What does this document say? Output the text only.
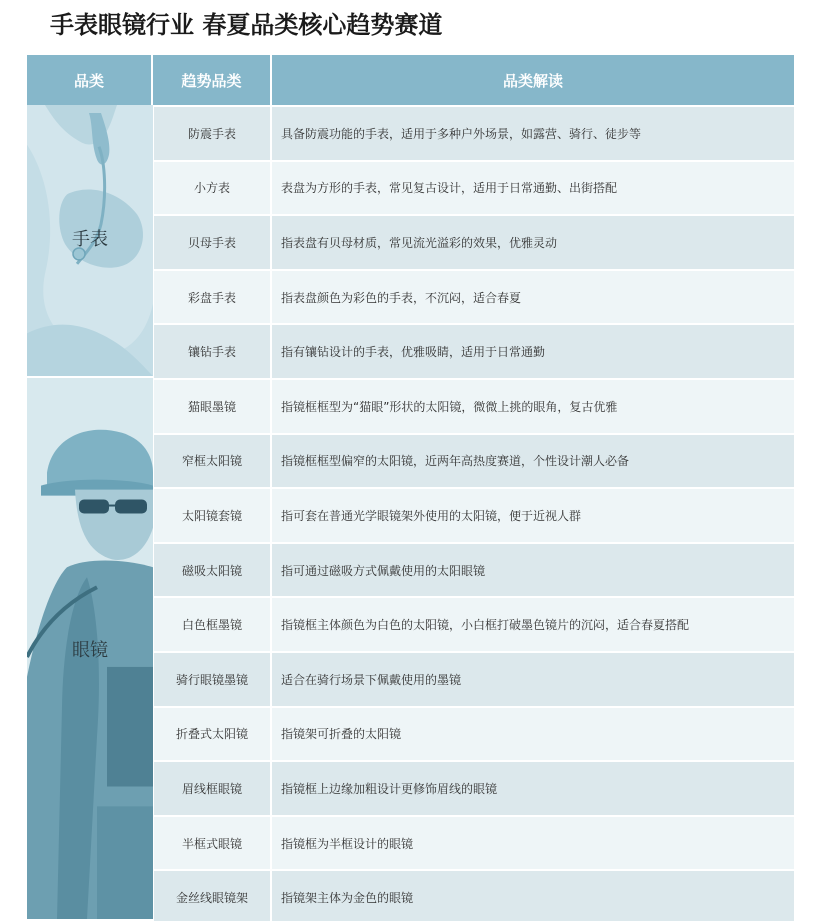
手表眼镜行业 春夏品类核心趋势赛道
品类	趋势品类	品类解读
手表
眼镜
防震手表	具备防震功能的手表，适用于多种户外场景，如露营、骑行、徒步等
小方表	表盘为方形的手表，常见复古设计，适用于日常通勤、出街搭配
贝母手表	指表盘有贝母材质，常见流光溢彩的效果，优雅灵动
彩盘手表	指表盘颜色为彩色的手表，不沉闷，适合春夏
镶钻手表	指有镶钻设计的手表，优雅吸睛，适用于日常通勤
猫眼墨镜	指镜框框型为“猫眼”形状的太阳镜，微微上挑的眼角，复古优雅
窄框太阳镜	指镜框框型偏窄的太阳镜，近两年高热度赛道，个性设计潮人必备
太阳镜套镜	指可套在普通光学眼镜架外使用的太阳镜，便于近视人群
磁吸太阳镜	指可通过磁吸方式佩戴使用的太阳眼镜
白色框墨镜	指镜框主体颜色为白色的太阳镜，小白框打破墨色镜片的沉闷，适合春夏搭配
骑行眼镜墨镜	适合在骑行场景下佩戴使用的墨镜
折叠式太阳镜	指镜架可折叠的太阳镜
眉线框眼镜	指镜框上边缘加粗设计更修饰眉线的眼镜
半框式眼镜	指镜框为半框设计的眼镜
金丝线眼镜架	指镜架主体为金色的眼镜
